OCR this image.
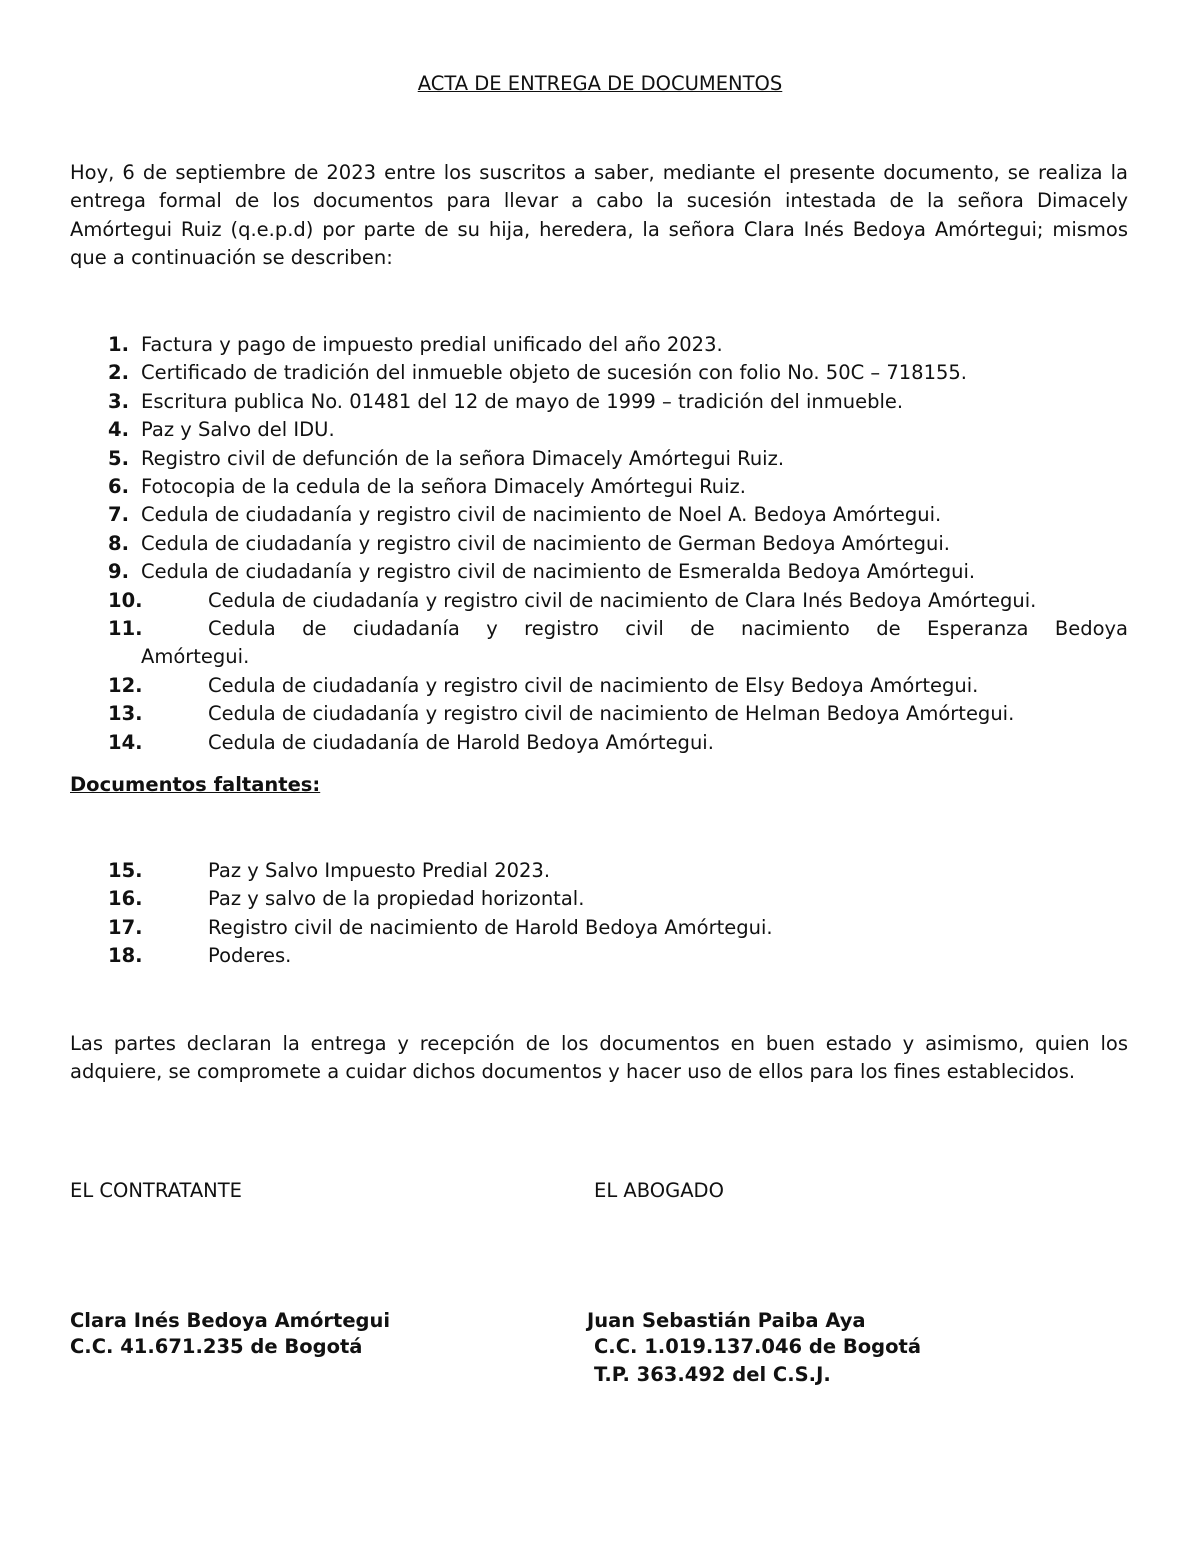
ACTA DE ENTREGA DE DOCUMENTOS

Hoy, 6 de septiembre de 2023 entre los suscritos a saber, mediante el presente documento, se realiza la entrega formal de los documentos para llevar a cabo la sucesión intestada de la señora Dimacely Amórtegui Ruiz (q.e.p.d) por parte de su hija, heredera, la señora Clara Inés Bedoya Amórtegui; mismos que a continuación se describen:

1. Factura y pago de impuesto predial unificado del año 2023.
2. Certificado de tradición del inmueble objeto de sucesión con folio No. 50C – 718155.
3. Escritura publica No. 01481 del 12 de mayo de 1999 – tradición del inmueble.
4. Paz y Salvo del IDU.
5. Registro civil de defunción de la señora Dimacely Amórtegui Ruiz.
6. Fotocopia de la cedula de la señora Dimacely Amórtegui Ruiz.
7. Cedula de ciudadanía y registro civil de nacimiento de Noel A. Bedoya Amórtegui.
8. Cedula de ciudadanía y registro civil de nacimiento de German Bedoya Amórtegui.
9. Cedula de ciudadanía y registro civil de nacimiento de Esmeralda Bedoya Amórtegui.
10.	Cedula de ciudadanía y registro civil de nacimiento de Clara Inés Bedoya Amórtegui.
11.	Cedula de ciudadanía y registro civil de nacimiento de Esperanza Bedoya
Amórtegui.
12.	Cedula de ciudadanía y registro civil de nacimiento de Elsy Bedoya Amórtegui.
13.	Cedula de ciudadanía y registro civil de nacimiento de Helman Bedoya Amórtegui.
14.	Cedula de ciudadanía de Harold Bedoya Amórtegui.
Documentos faltantes:
15.	Paz y Salvo Impuesto Predial 2023.
16.	Paz y salvo de la propiedad horizontal.
17.	Registro civil de nacimiento de Harold Bedoya Amórtegui.
18.	Poderes.

Las partes declaran la entrega y recepción de los documentos en buen estado y asimismo, quien los adquiere, se compromete a cuidar dichos documentos y hacer uso de ellos para los fines establecidos.

EL CONTRATANTE	EL ABOGADO
Clara Inés Bedoya Amórtegui
C.C. 41.671.235 de Bogotá
Juan Sebastián Paiba Aya
C.C. 1.019.137.046 de Bogotá
T.P. 363.492 del C.S.J.
